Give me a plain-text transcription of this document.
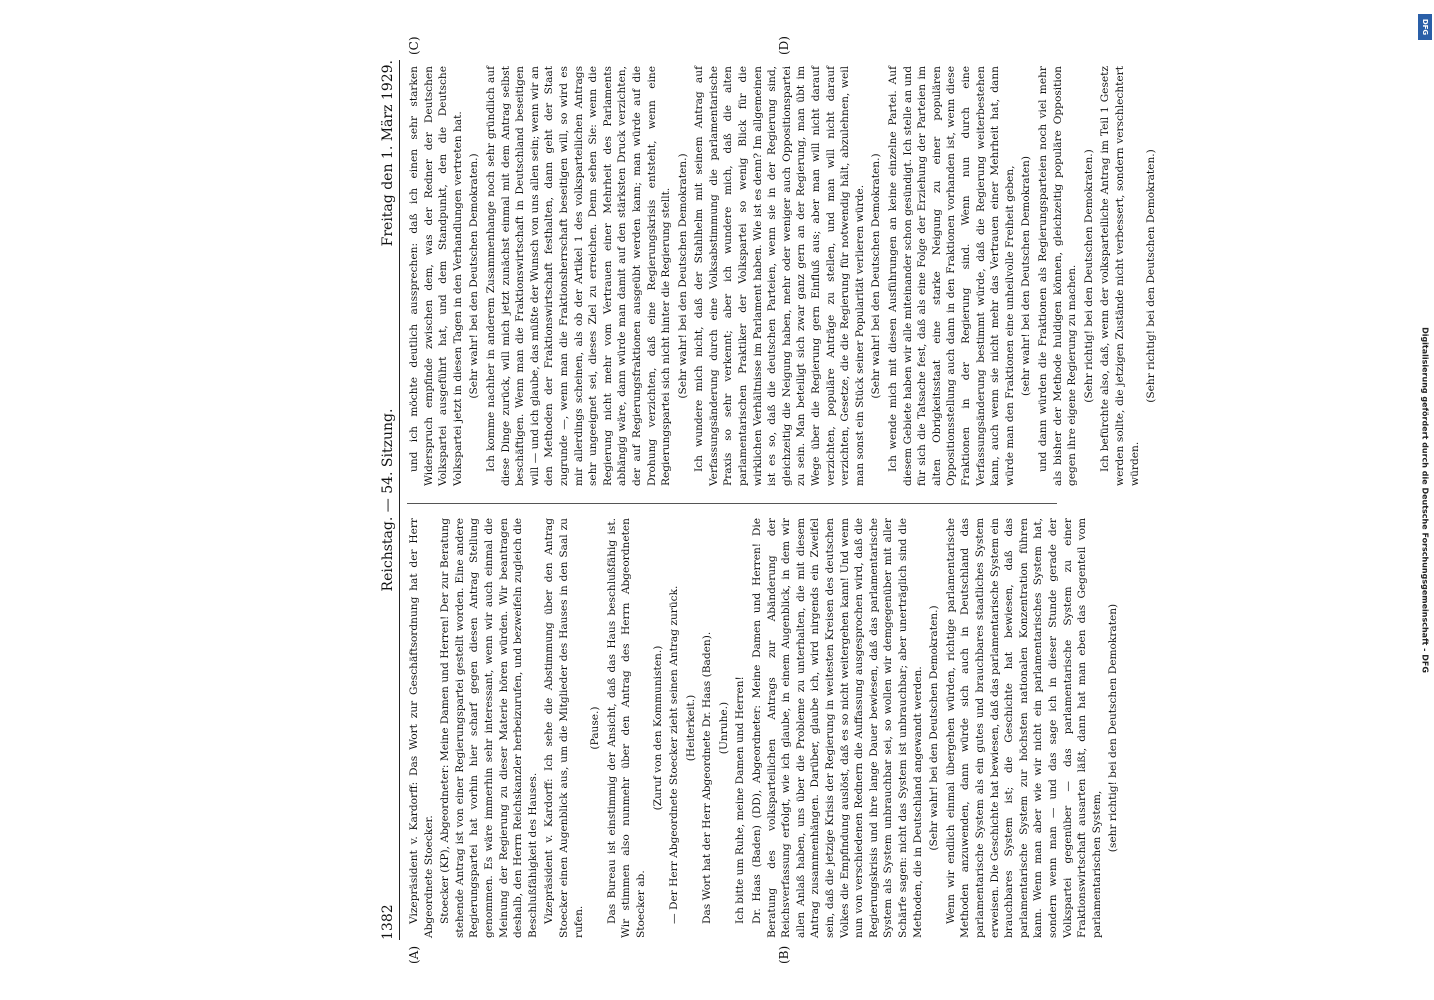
1382
Reichstag. — 54. Sitzung.
Freitag den 1. März 1929.
(A)	(B)
(C)	(D)

Vizepräsident v. Kardorff: Das Wort zur Geschäftsordnung hat der Herr Abgeordnete Stoecker. Stoecker (KP), Abgeordneter: Meine Damen und Herren! Der zur Beratung stehende Antrag ist von einer Regierungspartei gestellt worden. Eine andere Regierungspartei hat vorhin hier scharf gegen diesen Antrag Stellung genommen. Es wäre immerhin sehr interessant, wenn wir auch einmal die Meinung der Regierung zu dieser Materie hören würden. Wir beantragen deshalb, den Herrn Reichskanzler herbeizurufen, und bezweifeln zugleich die Beschlußfähigkeit des Hauses. Vizepräsident v. Kardorff: Ich sehe die Abstimmung über den Antrag Stoecker einen Augenblick aus, um die Mitglieder des Hauses in den Saal zu rufen.

(Pause.) Das Bureau ist einstimmig der Ansicht, daß das Haus beschlußfähig ist. Wir stimmen also nunmehr über den Antrag des Herrn Abgeordneten Stoecker ab.

(Zuruf von den Kommunisten.) — Der Herr Abgeordnete Stoecker zieht seinen Antrag zurück. (Heiterkeit.) Das Wort hat der Herr Abgeordnete Dr. Haas (Baden). (Unruhe.) Ich bitte um Ruhe, meine Damen und Herren! Dr. Haas (Baden) (DD), Abgeordneter: Meine Damen und Herren! Die Beratung des volksparteilichen Antrags zur Abänderung der Reichsverfassung erfolgt, wie ich glaube, in einem Augenblick, in dem wir allen Anlaß haben, uns über die Probleme zu unterhalten, die mit diesem Antrag zusammenhängen. Darüber, glaube ich, wird nirgends ein Zweifel sein, daß die jetzige Krisis der Regierung in weitesten Kreisen des deutschen Volkes die Empfindung auslöst, daß es so nicht weitergehen kann! Und wenn nun von verschiedenen Rednern die Auffassung ausgesprochen wird, daß die Regierungskrisis und ihre lange Dauer bewiesen, daß das parlamentarische System als System unbrauchbar sei, so wollen wir demgegenüber mit aller Schärfe sagen: nicht das System ist unbrauchbar; aber unerträglich sind die Methoden, die in Deutschland angewandt werden. (Sehr wahr! bei den Deutschen Demokraten.) Wenn wir endlich einmal übergehen würden, richtige parlamentarische Methoden anzuwenden, dann würde sich auch in Deutschland das parlamentarische System als ein gutes und brauchbares staatliches System erweisen. Die Geschichte hat bewiesen, daß das parlamentarische System ein brauchbares System ist; die Geschichte hat bewiesen, daß das parlamentarische System zur höchsten nationalen Konzentration führen kann. Wenn man aber wie wir nicht ein parlamentarisches System hat, sondern wenn man — und das sage ich in dieser Stunde gerade der Volkspartei gegenüber — das parlamentarische System zu einer Fraktionswirtschaft ausarten läßt, dann hat man eben das Gegenteil vom parlamentarischen System,

(sehr richtig! bei den Deutschen Demokraten)

und ich möchte deutlich aussprechen: daß ich einen sehr starken Widerspruch empfinde zwischen dem, was der Redner der Deutschen Volkspartei ausgeführt hat, und dem Standpunkt, den die Deutsche Volkspartei jetzt in diesen Tagen in den Verhandlungen vertreten hat. (Sehr wahr! bei den Deutschen Demokraten.) Ich komme nachher in anderem Zusammenhange noch sehr gründlich auf diese Dinge zurück, will mich jetzt zunächst einmal mit dem Antrag selbst beschäftigen. Wenn man die Fraktionswirtschaft in Deutschland beseitigen will — und ich glaube, das müßte der Wunsch von uns allen sein; wenn wir an den Methoden der Fraktionswirtschaft festhalten, dann geht der Staat zugrunde —, wenn man die Fraktionsherrschaft beseitigen will, so wird es mir allerdings scheinen, als ob der Artikel 1 des volksparteilichen Antrags sehr ungeeignet sei, dieses Ziel zu erreichen. Denn sehen Sie: wenn die Regierung nicht mehr vom Vertrauen einer Mehrheit des Parlaments abhängig wäre, dann würde man damit auf den stärksten Druck verzichten, der auf Regierungsfraktionen ausgeübt werden kann; man würde auf die Drohung verzichten, daß eine Regierungskrisis entsteht, wenn eine Regierungspartei sich nicht hinter die Regierung stellt. (Sehr wahr! bei den Deutschen Demokraten.) Ich wundere mich nicht, daß der Stahlhelm mit seinem Antrag auf Verfassungsänderung durch eine Volksabstimmung die parlamentarische Praxis so sehr verkennt; aber ich wundere mich, daß die alten parlamentarischen Praktiker der Volkspartei so wenig Blick für die wirklichen Verhältnisse im Parlament haben. Wie ist es denn? Im allgemeinen ist es so, daß die deutschen Parteien, wenn sie in der Regierung sind, gleichzeitig die Neigung haben, mehr oder weniger auch Oppositionspartei zu sein. Man beteiligt sich zwar ganz gern an der Regierung, man übt im Wege über die Regierung gern Einfluß aus; aber man will nicht darauf verzichten, populäre Anträge zu stellen, und man will nicht darauf verzichten, Gesetze, die die Regierung für notwendig hält, abzulehnen, weil man sonst ein Stück seiner Popularität verlieren würde. (Sehr wahr! bei den Deutschen Demokraten.) Ich wende mich mit diesen Ausführungen an keine einzelne Partei. Auf diesem Gebiete haben wir alle miteinander schon gesündigt. Ich stelle an und für sich die Tatsache fest, daß als eine Folge der Erziehung der Parteien im alten Obrigkeitsstaat eine starke Neigung zu einer populären Oppositionsstellung auch dann in den Fraktionen vorhanden ist, wenn diese Fraktionen in der Regierung sind. Wenn nun durch eine Verfassungsänderung bestimmt würde, daß die Regierung weiterbestehen kann, auch wenn sie nicht mehr das Vertrauen einer Mehrheit hat, dann würde man den Fraktionen eine unheilvolle Freiheit geben, (sehr wahr! bei den Deutschen Demokraten) und dann würden die Fraktionen als Regierungsparteien noch viel mehr als bisher der Methode huldigen können, gleichzeitig populäre Opposition gegen ihre eigene Regierung zu machen. (Sehr richtig! bei den Deutschen Demokraten.) Ich befürchte also, daß, wenn der volksparteiliche Antrag im Teil 1 Gesetz werden sollte, die jetzigen Zustände nicht verbessert, sondern verschlechtert würden.

(Sehr richtig! bei den Deutschen Demokraten.)

DFG
Digitalisierung gefördert durch die Deutsche Forschungsgemeinschaft - DFG
